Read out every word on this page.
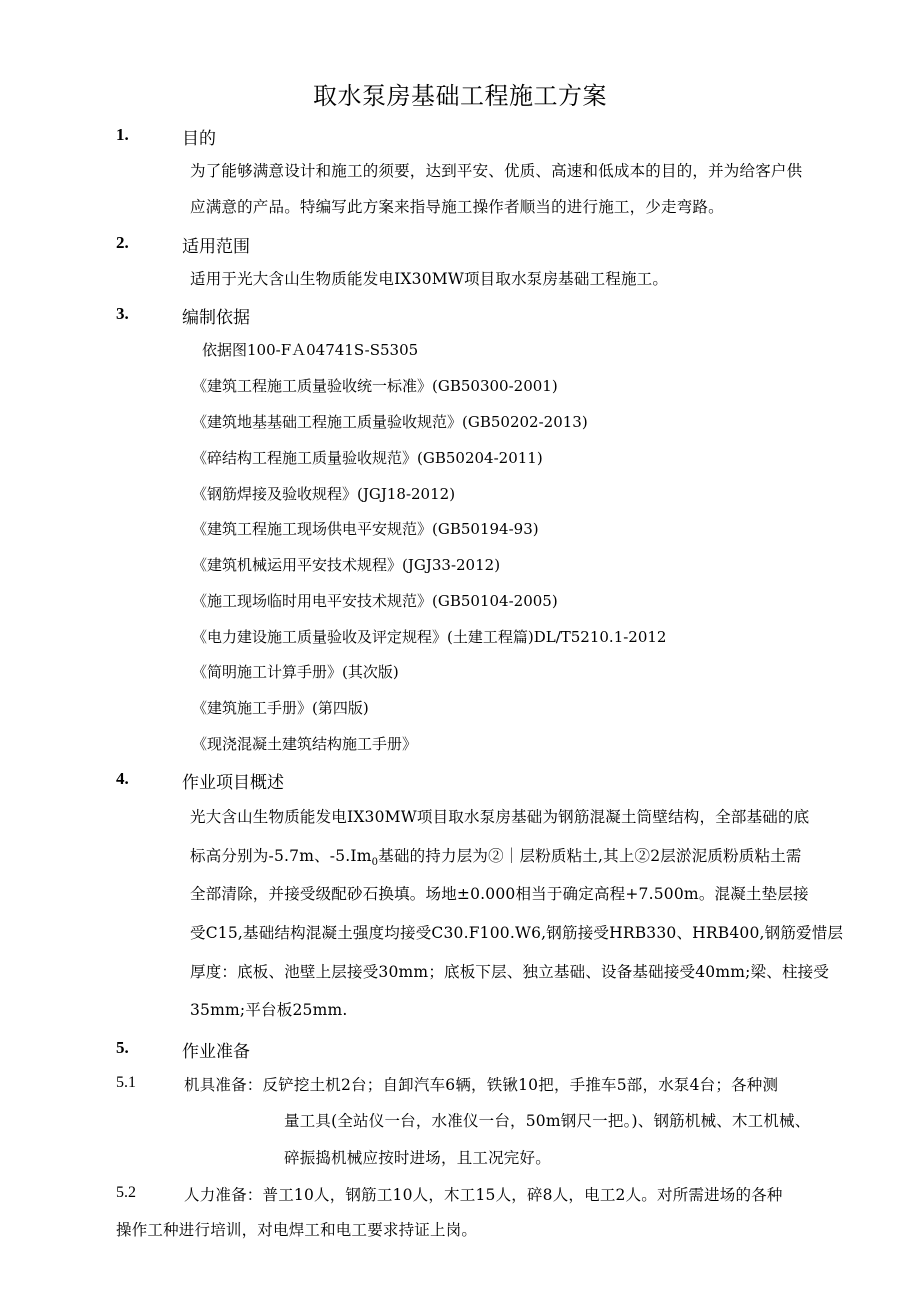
取水泵房基础工程施工方案
1.	目的
为了能够满意设计和施工的须要，达到平安、优质、高速和低成本的目的，并为给客户供
应满意的产品。特编写此方案来指导施工操作者顺当的进行施工，少走弯路。
2.	适用范围
适用于光大含山生物质能发电IX30MW项目取水泵房基础工程施工。
3.	编制依据
依据图100-FＡ04741S-S5305
《建筑工程施工质量验收统一标准》(GB50300-2001)
《建筑地基基础工程施工质量验收规范》(GB50202-2013)
《碎结构工程施工质量验收规范》(GB50204-2011)
《钢筋焊接及验收规程》(JGJ18-2012)
《建筑工程施工现场供电平安规范》(GB50194-93)
《建筑机械运用平安技术规程》(JGJ33-2012)
《施工现场临时用电平安技术规范》(GB50104-2005)
《电力建设施工质量验收及评定规程》(土建工程篇)DL/T5210.1-2012
《简明施工计算手册》(其次版)
《建筑施工手册》(第四版)
《现浇混凝土建筑结构施工手册》
4.	作业项目概述
光大含山生物质能发电IX30MW项目取水泵房基础为钢筋混凝土筒壁结构，全部基础的底
标高分别为-5.7m、$-5.Im_0$基础的持力层为②｜层粉质粘土,其上②2层淤泥质粉质粘土需
全部清除，并接受级配砂石换填。场地±0.000相当于确定高程+7.500m。混凝土垫层接
受C15,基础结构混凝土强度均接受C30.F100.W6,钢筋接受HRB330、HRB400,钢筋爱惜层
厚度：底板、池壁上层接受30mm；底板下层、独立基础、设备基础接受40mm;梁、柱接受
35mm;平台板25mm.
5.	作业准备
5.1	机具准备：反铲挖土机2台；自卸汽车6辆，铁锹10把，手推车5部，水泵4台；各种测
量工具(全站仪一台，水准仪一台，50m钢尺一把。)、钢筋机械、木工机械、
碎振捣机械应按时进场，且工况完好。
5.2	人力准备：普工10人，钢筋工10人，木工15人，碎8人，电工2人。对所需进场的各种
操作工种进行培训，对电焊工和电工要求持证上岗。
